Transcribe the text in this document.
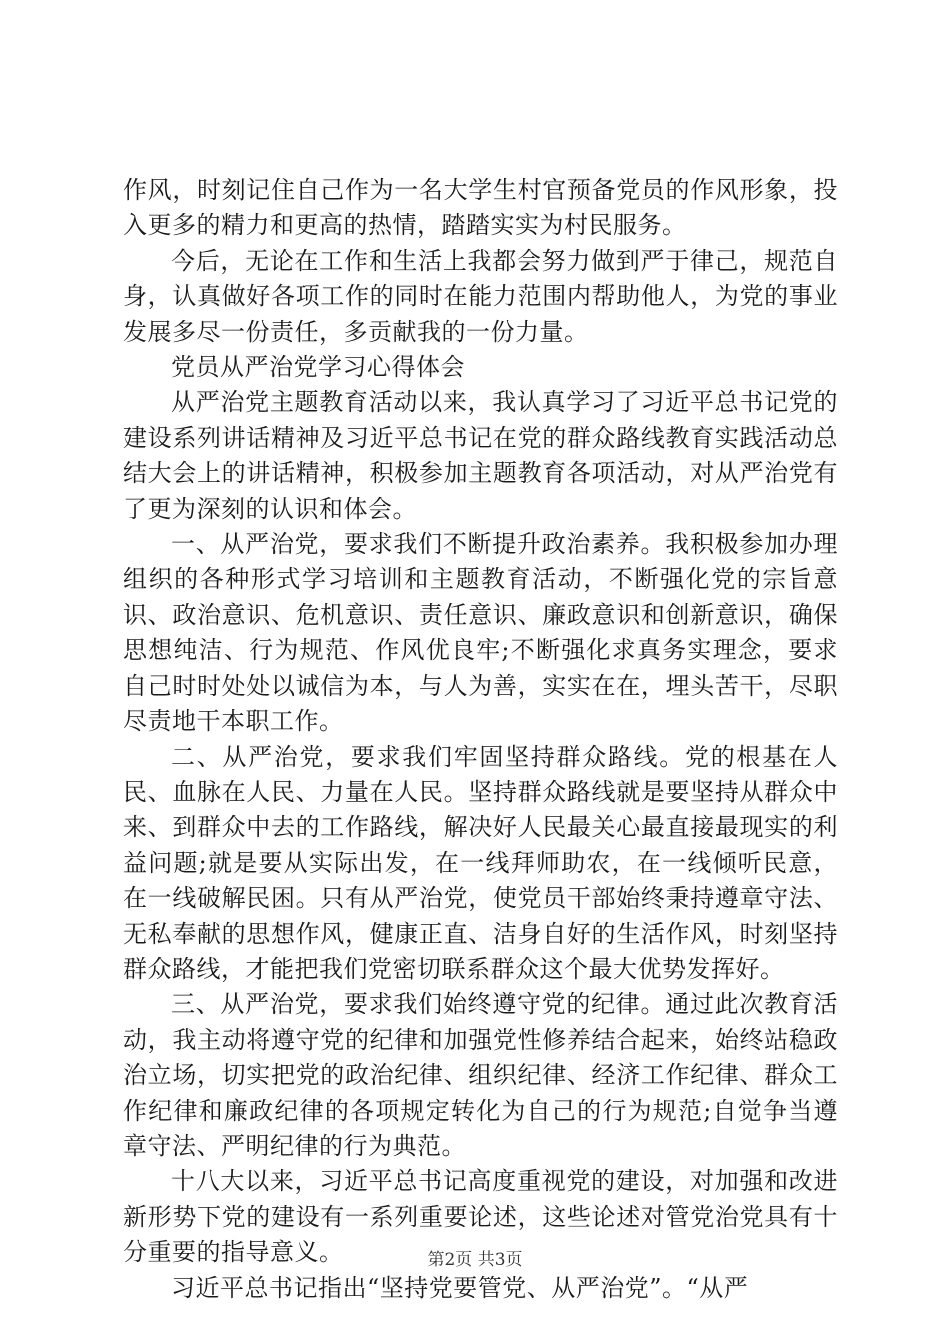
作风，时刻记住自己作为一名大学生村官预备党员的作风形象，投入更多的精力和更高的热情，踏踏实实为村民服务。

今后，无论在工作和生活上我都会努力做到严于律己，规范自身，认真做好各项工作的同时在能力范围内帮助他人，为党的事业发展多尽一份责任，多贡献我的一份力量。

党员从严治党学习心得体会

从严治党主题教育活动以来，我认真学习了习近平总书记党的建设系列讲话精神及习近平总书记在党的群众路线教育实践活动总结大会上的讲话精神，积极参加主题教育各项活动，对从严治党有了更为深刻的认识和体会。

一、从严治党，要求我们不断提升政治素养。我积极参加办理组织的各种形式学习培训和主题教育活动，不断强化党的宗旨意识、政治意识、危机意识、责任意识、廉政意识和创新意识，确保思想纯洁、行为规范、作风优良牢;不断强化求真务实理念，要求自己时时处处以诚信为本，与人为善，实实在在，埋头苦干，尽职尽责地干本职工作。

二、从严治党，要求我们牢固坚持群众路线。党的根基在人民、血脉在人民、力量在人民。坚持群众路线就是要坚持从群众中来、到群众中去的工作路线，解决好人民最关心最直接最现实的利益问题;就是要从实际出发，在一线拜师助农，在一线倾听民意，在一线破解民困。只有从严治党，使党员干部始终秉持遵章守法、无私奉献的思想作风，健康正直、洁身自好的生活作风，时刻坚持群众路线，才能把我们党密切联系群众这个最大优势发挥好。

三、从严治党，要求我们始终遵守党的纪律。通过此次教育活动，我主动将遵守党的纪律和加强党性修养结合起来，始终站稳政治立场，切实把党的政治纪律、组织纪律、经济工作纪律、群众工作纪律和廉政纪律的各项规定转化为自己的行为规范;自觉争当遵章守法、严明纪律的行为典范。

十八大以来，习近平总书记高度重视党的建设，对加强和改进新形势下党的建设有一系列重要论述，这些论述对管党治党具有十分重要的指导意义。

习近平总书记指出“坚持党要管党、从严治党”。“从严

第2页 共3页
